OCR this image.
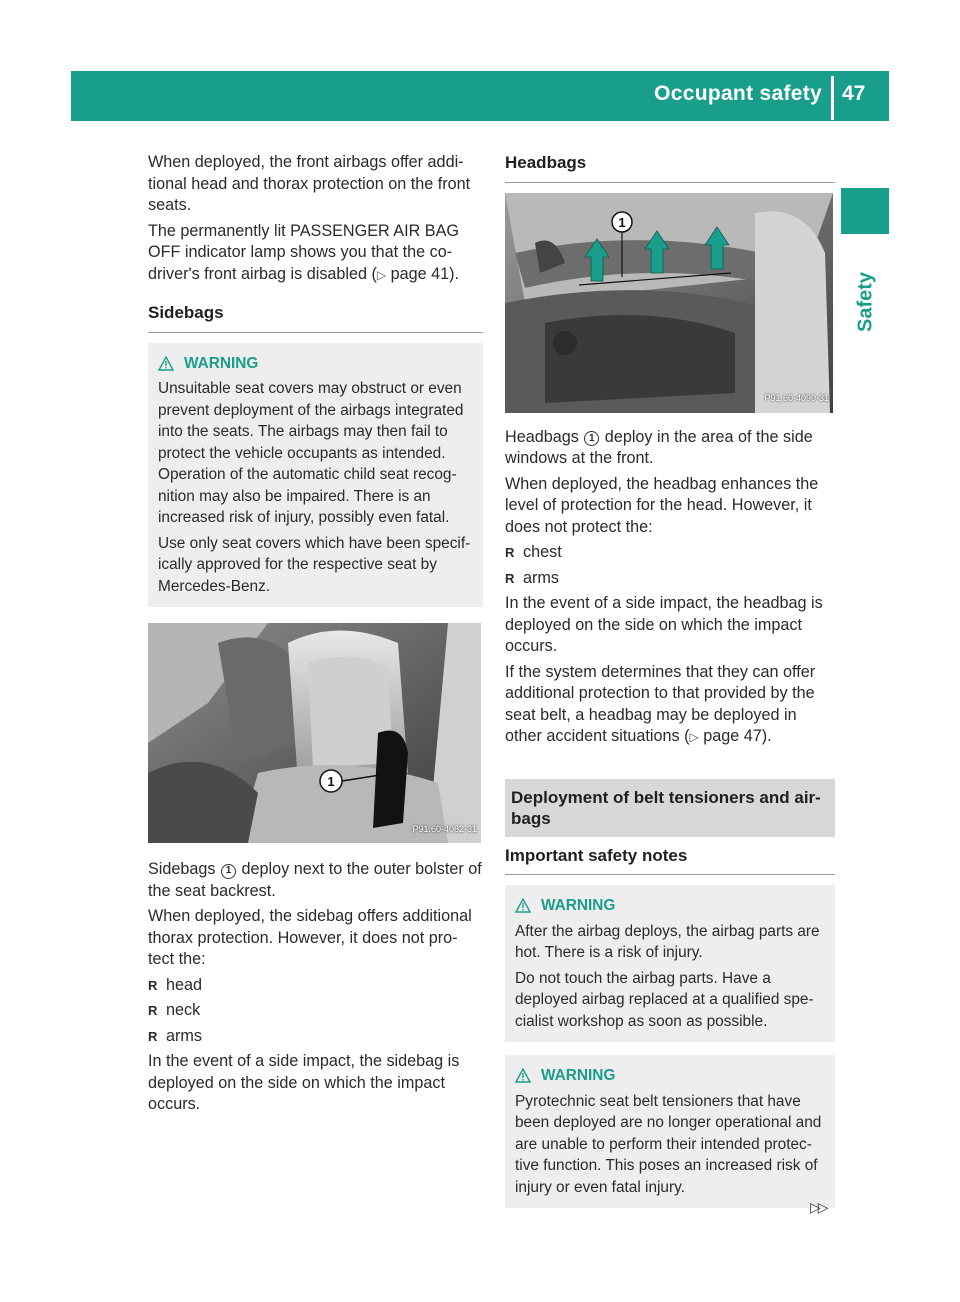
Occupant safety 47
Safety

When deployed, the front airbags offer addi- tional head and thorax protection on the front seats.

The permanently lit PASSENGER AIR BAG OFF indicator lamp shows you that the co-driver's front airbag is disabled (▷ page 41).

Sidebags
WARNING

Unsuitable seat covers may obstruct or even prevent deployment of the airbags integrated into the seats. The airbags may then fail to protect the vehicle occupants as intended. Operation of the automatic child seat recog- nition may also be impaired. There is an increased risk of injury, possibly even fatal.

Use only seat covers which have been specif- ically approved for the respective seat by Mercedes-Benz.

1
P91.60-4062-31

Sidebags 1 deploy next to the outer bolster of the seat backrest.

When deployed, the sidebag offers additional thorax protection. However, it does not pro- tect the:

R head
R neck
R arms

In the event of a side impact, the sidebag is deployed on the side on which the impact occurs.

Headbags
1
P91.60-4090-31

Headbags 1 deploy in the area of the side windows at the front.

When deployed, the headbag enhances the level of protection for the head. However, it does not protect the:

R chest
R arms

In the event of a side impact, the headbag is deployed on the side on which the impact occurs.

If the system determines that they can offer additional protection to that provided by the seat belt, a headbag may be deployed in other accident situations (▷ page 47).

Deployment of belt tensioners and air- bags
Important safety notes
WARNING

After the airbag deploys, the airbag parts are hot. There is a risk of injury.

Do not touch the airbag parts. Have a deployed airbag replaced at a qualified spe- cialist workshop as soon as possible.

WARNING

Pyrotechnic seat belt tensioners that have been deployed are no longer operational and are unable to perform their intended protec- tive function. This poses an increased risk of injury or even fatal injury.

▷▷
